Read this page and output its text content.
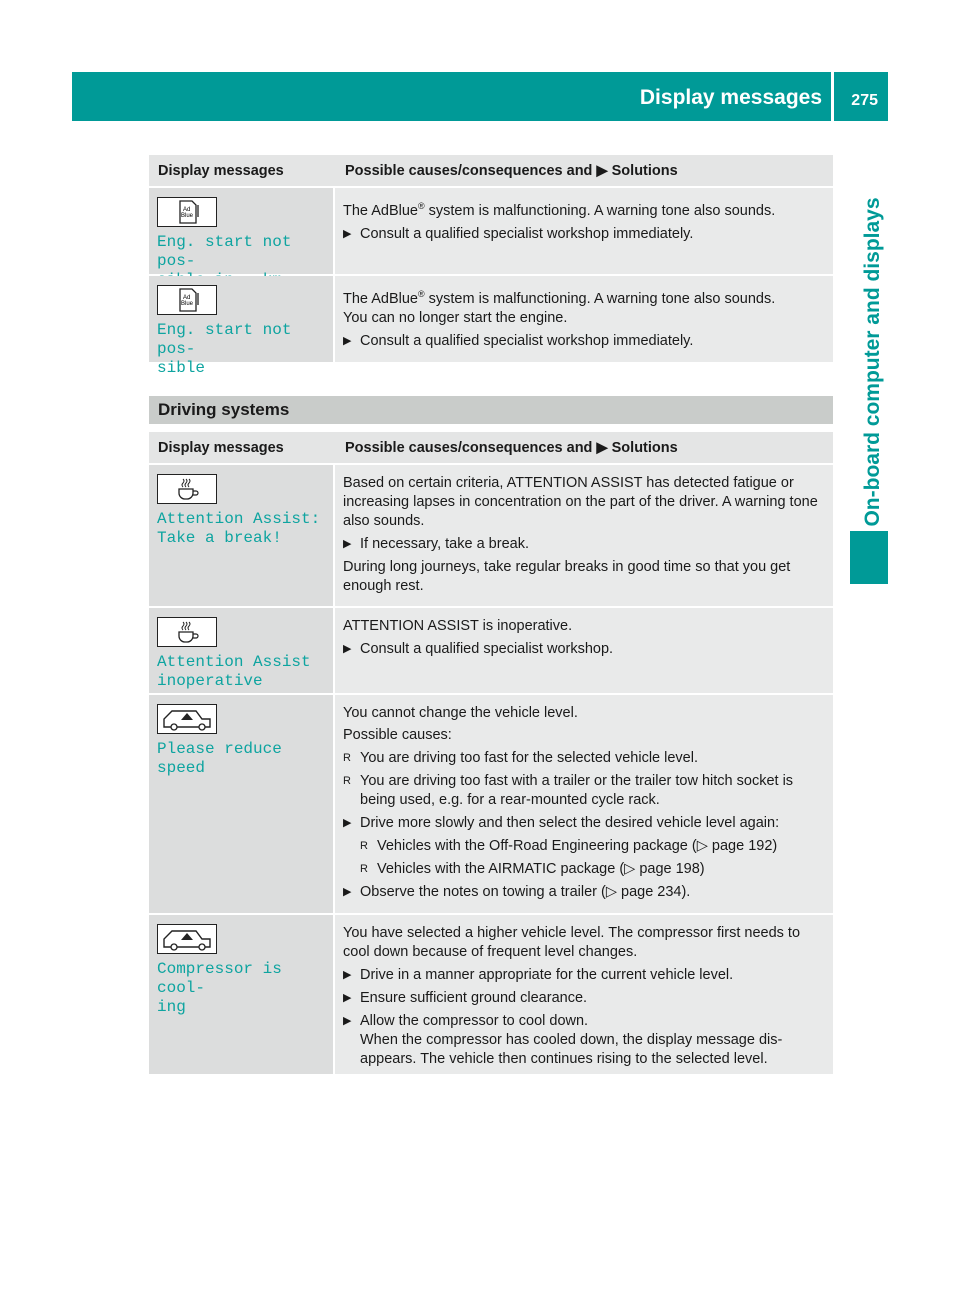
Display messages 275
On-board computer and displays
Display messages	Possible causes/consequences and ▶ Solutions
Ad
Blue
Eng. start not pos‑

The AdBlue® system is malfunctioning. A warning tone also sounds.

▶ Consult a qualified specialist workshop immediately.
Ad
Blue
Eng. start not pos‑
sible

The AdBlue® system is malfunctioning. A warning tone also sounds.

You can no longer start the engine.

▶ Consult a qualified specialist workshop immediately.
Driving systems
Display messages	Possible causes/consequences and ▶ Solutions
Attention Assist:
Take a break!

Based on certain criteria, ATTENTION ASSIST has detected fatigue or increasing lapses in concentration on the part of the driver. A warning tone also sounds.

▶ If necessary, take a break.

During long journeys, take regular breaks in good time so that you get enough rest.

Attention Assist
inoperative

ATTENTION ASSIST is inoperative.

▶ Consult a qualified specialist workshop.
Please reduce speed

You cannot change the vehicle level.

Possible causes:

R You are driving too fast for the selected vehicle level.
R You are driving too fast with a trailer or the trailer tow hitch socket is being used, e.g. for a rear-mounted cycle rack.
▶ Drive more slowly and then select the desired vehicle level again:
R Vehicles with the Off-Road Engineering package (▷ page 192)
R Vehicles with the AIRMATIC package (▷ page 198)
▶ Observe the notes on towing a trailer (▷ page 234).
Compressor is cool‑
ing

You have selected a higher vehicle level. The compressor first needs to cool down because of frequent level changes.

▶ Drive in a manner appropriate for the current vehicle level.
▶ Ensure sufficient ground clearance.
▶ Allow the compressor to cool down.
When the compressor has cooled down, the display message dis- appears. The vehicle then continues rising to the selected level.
